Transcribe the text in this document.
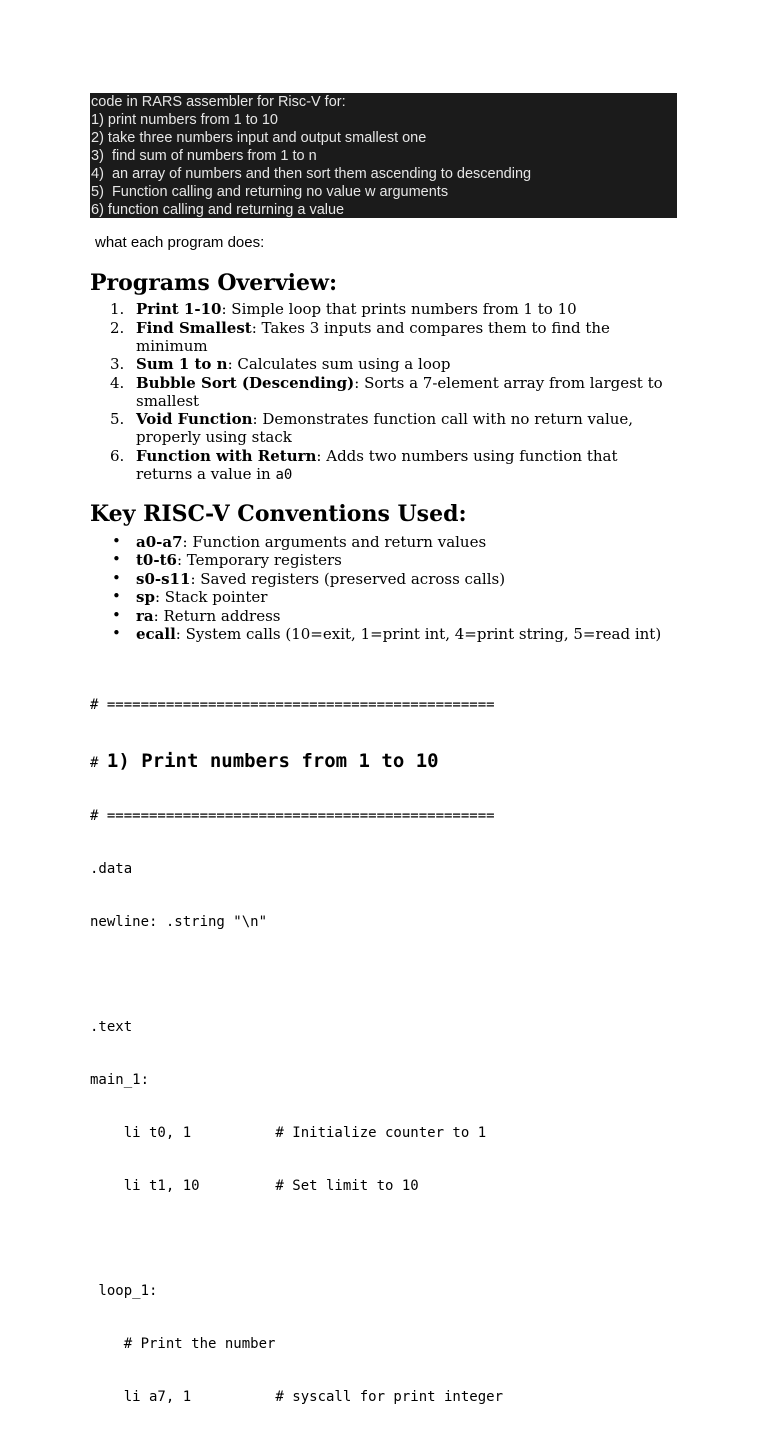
code in RARS assembler for Risc-V for:
1) print numbers from 1 to 10
2) take three numbers input and output smallest one
3)  find sum of numbers from 1 to n
4)  an array of numbers and then sort them ascending to descending
5)  Function calling and returning no value w arguments
6) function calling and returning a value
what each program does:
Programs Overview:
1. Print 1-10: Simple loop that prints numbers from 1 to 10
2. Find Smallest: Takes 3 inputs and compares them to find the minimum
3. Sum 1 to n: Calculates sum using a loop
4. Bubble Sort (Descending): Sorts a 7-element array from largest to smallest
5. Void Function: Demonstrates function call with no return value, properly using stack
6. Function with Return: Adds two numbers using function that returns a value in a0
Key RISC-V Conventions Used:
• a0-a7: Function arguments and return values
• t0-t6: Temporary registers
• s0-s11: Saved registers (preserved across calls)
• sp: Stack pointer
• ra: Return address
• ecall: System calls (10=exit, 1=print int, 4=print string, 5=read int)

# ==============================================

# 1) Print numbers from 1 to 10

# ==============================================

.data

newline: .string "\n"

.text

main_1:

li t0, 1          # Initialize counter to 1

li t1, 10         # Set limit to 10

loop_1:

# Print the number

li a7, 1          # syscall for print integer
